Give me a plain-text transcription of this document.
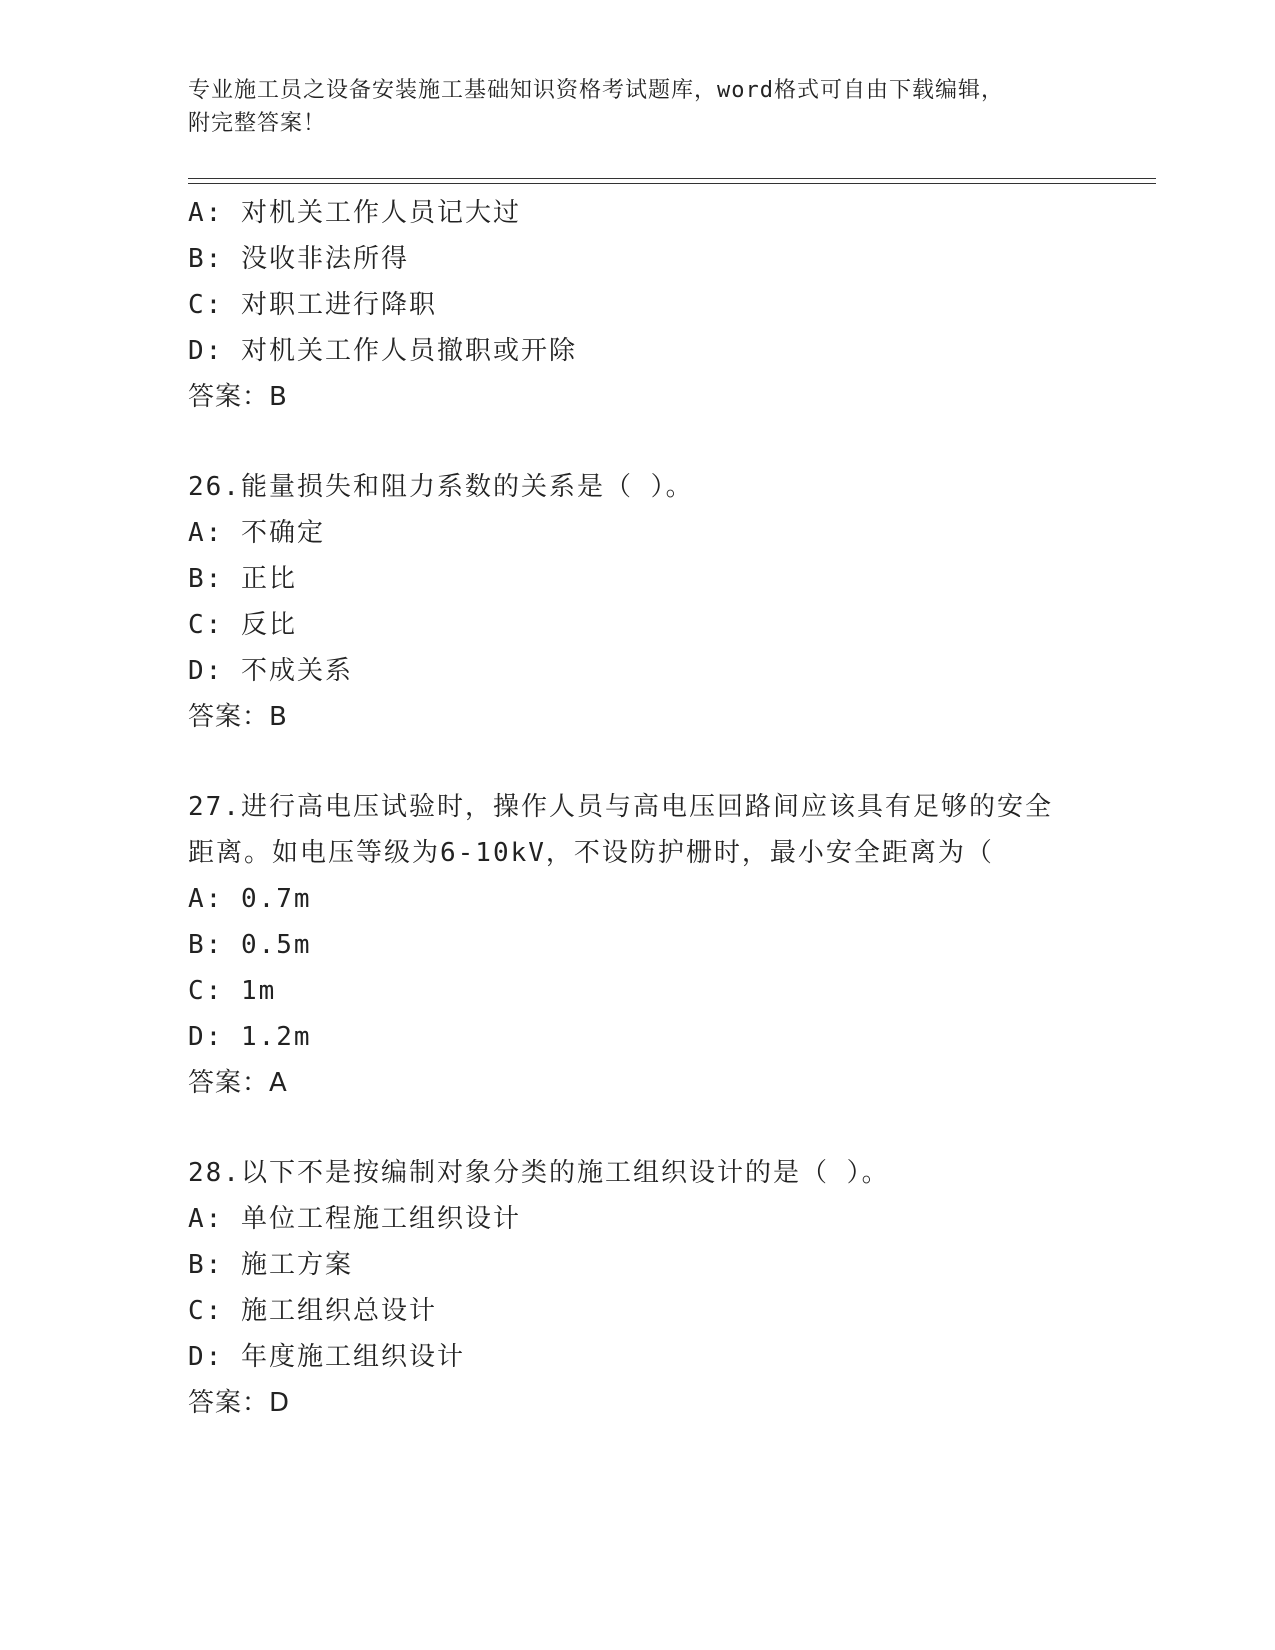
专业施工员之设备安装施工基础知识资格考试题库，word格式可自由下载编辑，
附完整答案！
A: 对机关工作人员记大过
B: 没收非法所得
C: 对职工进行降职
D: 对机关工作人员撤职或开除
答案：B
26.能量损失和阻力系数的关系是（ ）。
A: 不确定
B: 正比
C: 反比
D: 不成关系
答案：B
27.进行高电压试验时，操作人员与高电压回路间应该具有足够的安全
距离。如电压等级为6-10kV，不设防护栅时，最小安全距离为（
A: 0.7m
B: 0.5m
C: 1m
D: 1.2m
答案：A
28.以下不是按编制对象分类的施工组织设计的是（ ）。
A: 单位工程施工组织设计
B: 施工方案
C: 施工组织总设计
D: 年度施工组织设计
答案：D
